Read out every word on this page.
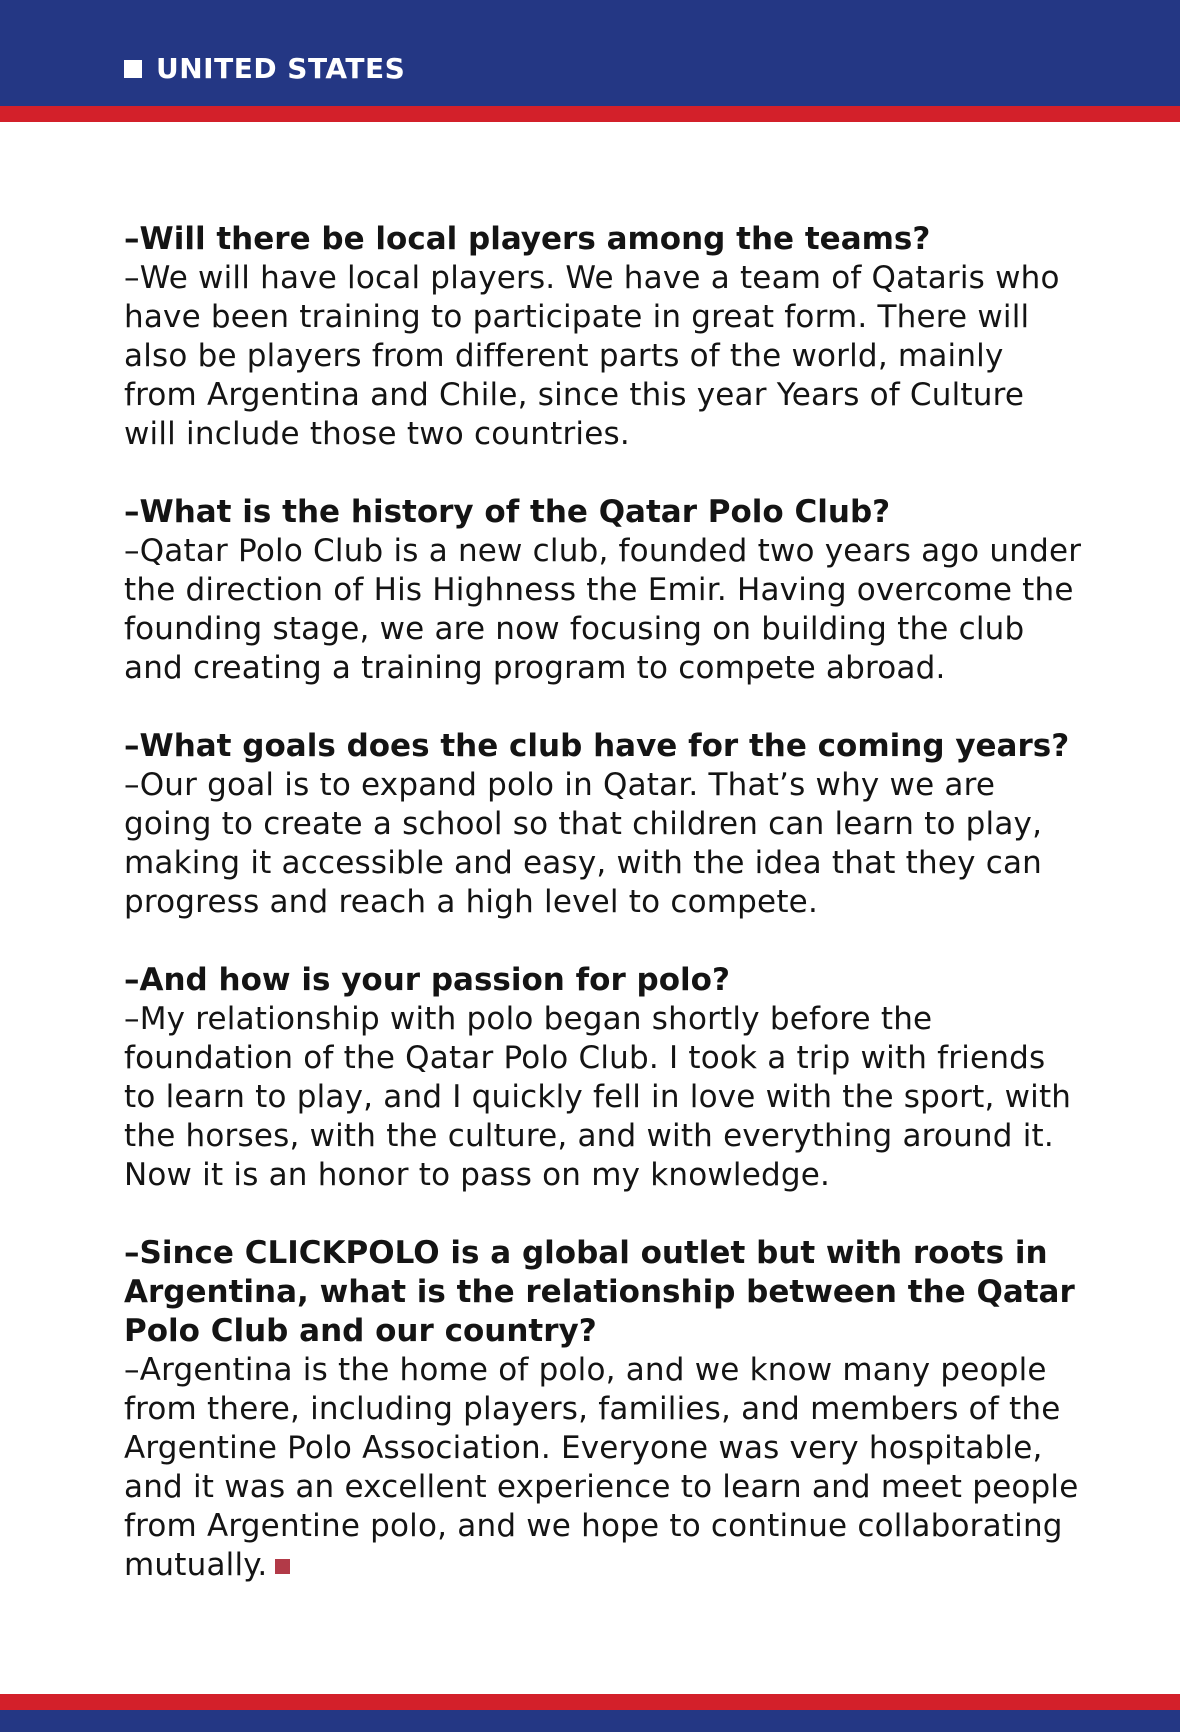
UNITED STATES

–Will there be local players among the teams?

–We will have local players. We have a team of Qataris who have been training to participate in great form. There will also be players from different parts of the world, mainly from Argentina and Chile, since this year Years of Culture will include those two countries.

–What is the history of the Qatar Polo Club?

–Qatar Polo Club is a new club, founded two years ago under the direction of His Highness the Emir. Having overcome the founding stage, we are now focusing on building the club and creating a training program to compete abroad.

–What goals does the club have for the coming years?

–Our goal is to expand polo in Qatar. That’s why we are going to create a school so that children can learn to play, making it accessible and easy, with the idea that they can progress and reach a high level to compete.

–And how is your passion for polo?

–My relationship with polo began shortly before the foundation of the Qatar Polo Club. I took a trip with friends to learn to play, and I quickly fell in love with the sport, with the horses, with the culture, and with everything around it. Now it is an honor to pass on my knowledge.

–Since CLICKPOLO is a global outlet but with roots in Argentina, what is the relationship between the Qatar Polo Club and our country?

–Argentina is the home of polo, and we know many people from there, including players, families, and members of the Argentine Polo Association. Everyone was very hospitable, and it was an excellent experience to learn and meet people from Argentine polo, and we hope to continue collaborating mutually.
